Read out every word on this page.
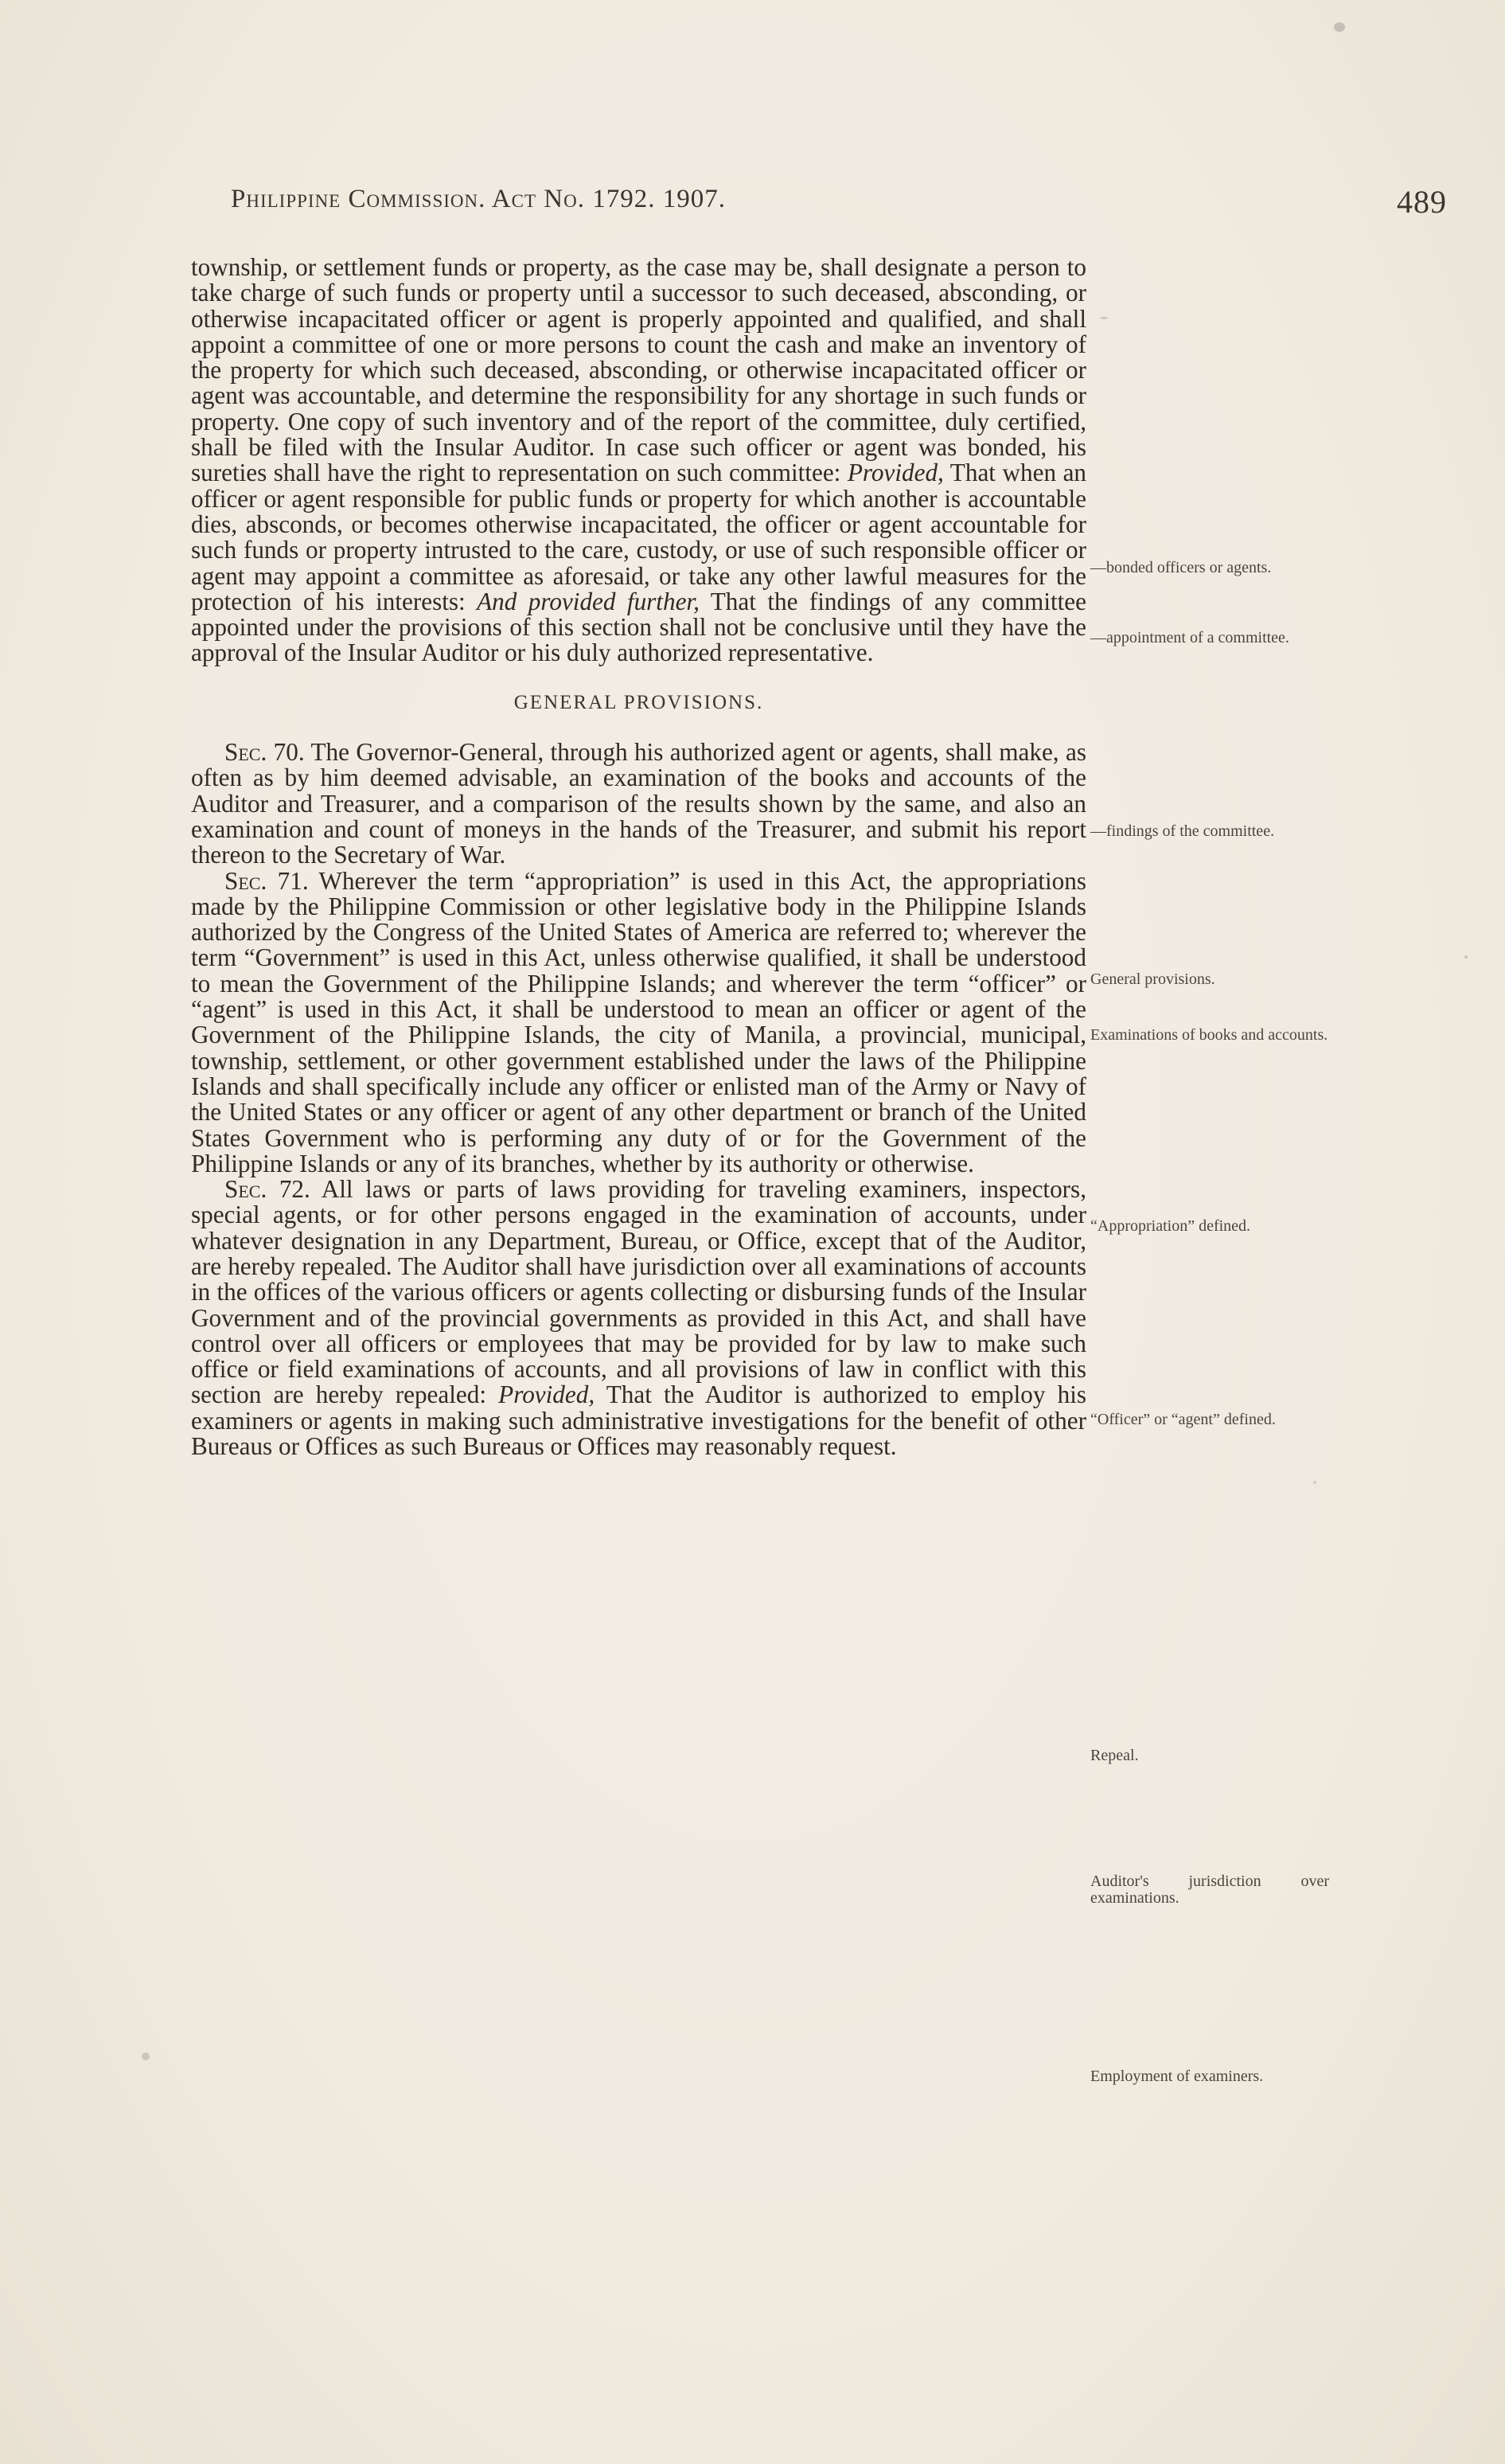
Philippine Commission. Act No. 1792. 1907.	489

township, or settlement funds or property, as the case may be, shall designate a person to take charge of such funds or property until a successor to such deceased, absconding, or otherwise incapacitated officer or agent is properly appointed and qualified, and shall appoint a committee of one or more persons to count the cash and make an inventory of the property for which such deceased, absconding, or otherwise incapacitated officer or agent was accountable, and determine the responsibility for any shortage in such funds or property. One copy of such inventory and of the report of the committee, duly certified, shall be filed with the Insular Auditor. In case such officer or agent was bonded, his sureties shall have the right to representation on such committee: Provided, That when an officer or agent responsible for public funds or property for which another is accountable dies, absconds, or becomes otherwise incapacitated, the officer or agent accountable for such funds or property intrusted to the care, custody, or use of such responsible officer or agent may appoint a committee as aforesaid, or take any other lawful measures for the protection of his interests: And provided further, That the findings of any committee appointed under the provisions of this section shall not be conclusive until they have the approval of the Insular Auditor or his duly authorized representative.

GENERAL PROVISIONS.

Sec. 70. The Governor-General, through his authorized agent or agents, shall make, as often as by him deemed advisable, an examination of the books and accounts of the Auditor and Treasurer, and a comparison of the results shown by the same, and also an examination and count of moneys in the hands of the Treasurer, and submit his report thereon to the Secretary of War.

Sec. 71. Wherever the term “appropriation” is used in this Act, the appropriations made by the Philippine Commission or other legislative body in the Philippine Islands authorized by the Congress of the United States of America are referred to; wherever the term “Government” is used in this Act, unless otherwise qualified, it shall be understood to mean the Government of the Philippine Islands; and wherever the term “officer” or “agent” is used in this Act, it shall be understood to mean an officer or agent of the Government of the Philippine Islands, the city of Manila, a provincial, municipal, township, settlement, or other government established under the laws of the Philippine Islands and shall specifically include any officer or enlisted man of the Army or Navy of the United States or any officer or agent of any other department or branch of the United States Government who is performing any duty of or for the Government of the Philippine Islands or any of its branches, whether by its authority or otherwise.

Sec. 72. All laws or parts of laws providing for traveling examiners, inspectors, special agents, or for other persons engaged in the examination of accounts, under whatever designation in any Department, Bureau, or Office, except that of the Auditor, are hereby repealed. The Auditor shall have jurisdiction over all examinations of accounts in the offices of the various officers or agents collecting or disbursing funds of the Insular Government and of the provincial governments as provided in this Act, and shall have control over all officers or employees that may be provided for by law to make such office or field examinations of accounts, and all provisions of law in conflict with this section are hereby repealed: Provided, That the Auditor is authorized to employ his examiners or agents in making such administrative investigations for the benefit of other Bureaus or Offices as such Bureaus or Offices may reasonably request.

—bonded officers or agents.
—appointment of a committee.
—findings of the committee.
General provisions.
Examinations of books and accounts.
“Appropriation” defined.
“Officer” or “agent” defined.
Repeal.
Auditor's jurisdiction over examinations.
Employment of examiners.
